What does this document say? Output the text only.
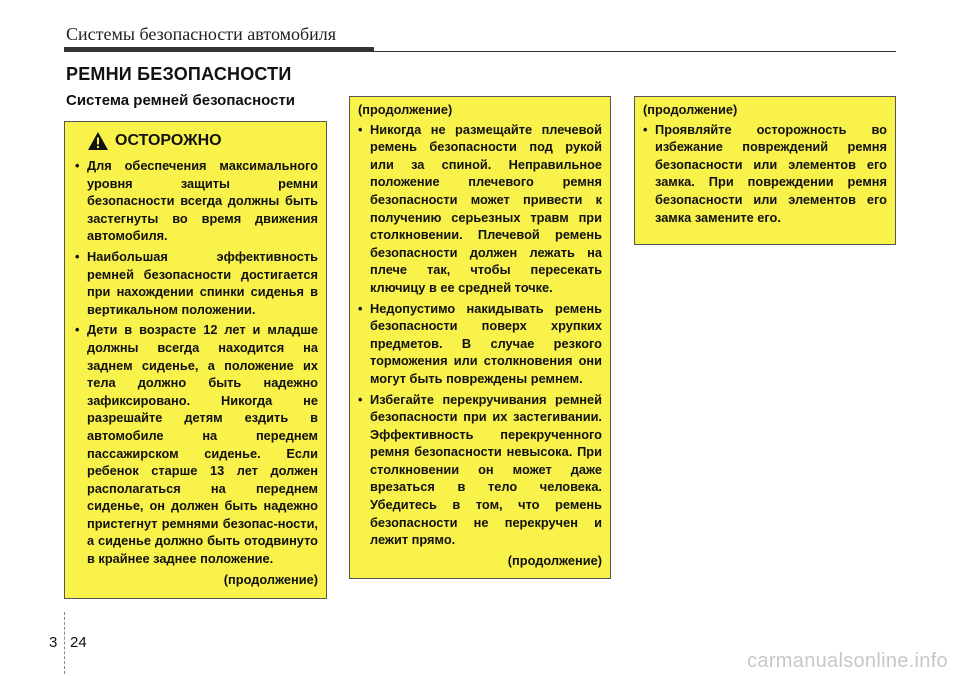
Системы безопасности автомобиля
РЕМНИ БЕЗОПАСНОСТИ
Система ремней безопасности
ОСТОРОЖНО
• Для обеспечения максимального уровня защиты ремни безопасности всегда должны быть застегнуты во время движения автомобиля.
• Наибольшая эффективность ремней безопасности достигается при нахождении спинки сиденья в вертикальном положении.
• Дети в возрасте 12 лет и младше должны всегда находится на заднем сиденье, а положение их тела должно быть надежно зафиксировано. Никогда не разрешайте детям ездить в автомобиле на переднем пассажирском сиденье. Если ребенок старше 13 лет должен располагаться на переднем сиденье, он должен быть надежно пристегнут ремнями безопас-ности, а сиденье должно быть отодвинуто в крайнее заднее положение.
(продолжение)
(продолжение)
• Никогда не размещайте плечевой ремень безопасности под рукой или за спиной. Неправильное положение плечевого ремня безопасности может привести к получению серьезных травм при столкновении. Плечевой ремень безопасности должен лежать на плече так, чтобы пересекать ключицу в ее средней точке.
• Недопустимо накидывать ремень безопасности поверх хрупких предметов. В случае резкого торможения или столкновения они могут быть повреждены ремнем.
• Избегайте перекручивания ремней безопасности при их застегивании. Эффективность перекрученного ремня безопасности невысока. При столкновении он может даже врезаться в тело человека. Убедитесь в том, что ремень безопасности не перекручен и лежит прямо.
(продолжение)
(продолжение)
• Проявляйте осторожность во избежание повреждений ремня безопасности или элементов его замка. При повреждении ремня безопасности или элементов его замка замените его.
3 24
carmanualsonline.info
